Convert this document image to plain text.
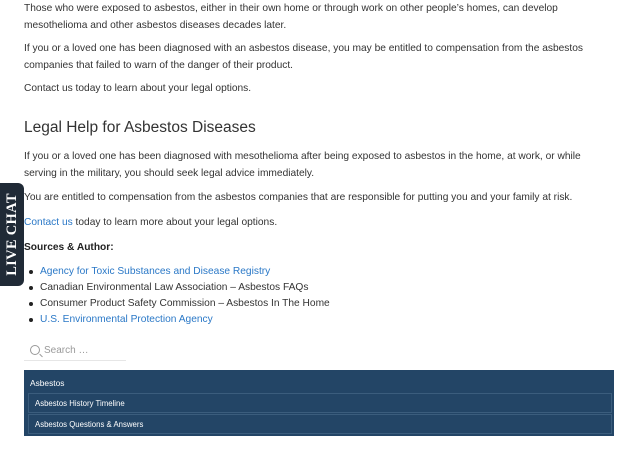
Those who were exposed to asbestos, either in their own home or through work on other people’s homes, can develop mesothelioma and other asbestos diseases decades later.

If you or a loved one has been diagnosed with an asbestos disease, you may be entitled to compensation from the asbestos companies that failed to warn of the danger of their product.

Contact us today to learn about your legal options.

Legal Help for Asbestos Diseases

If you or a loved one has been diagnosed with mesothelioma after being exposed to asbestos in the home, at work, or while serving in the military, you should seek legal advice immediately.

You are entitled to compensation from the asbestos companies that are responsible for putting you and your family at risk.

Contact us today to learn more about your legal options.

Sources & Author:

Agency for Toxic Substances and Disease Registry
Canadian Environmental Law Association – Asbestos FAQs
Consumer Product Safety Commission – Asbestos In The Home
U.S. Environmental Protection Agency
LIVE CHAT
Search …
Asbestos
Asbestos History Timeline
Asbestos Questions & Answers
